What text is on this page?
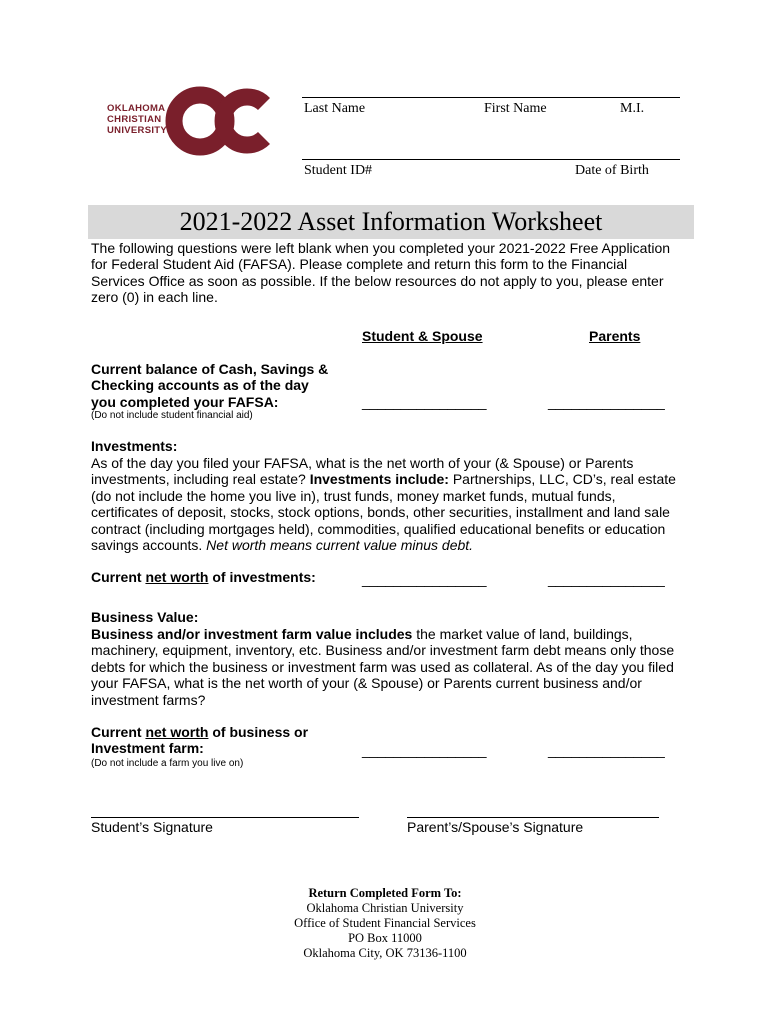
OKLAHOMA
CHRISTIAN
UNIVERSITY
Last Name	First Name	M.I.
Student ID#	Date of Birth
2021-2022 Asset Information Worksheet
The following questions were left blank when you completed your 2021-2022 Free Application for Federal Student Aid (FAFSA). Please complete and return this form to the Financial Services Office as soon as possible. If the below resources do not apply to you, please enter zero (0) in each line.
Student & Spouse	Parents
Current balance of Cash, Savings &
Checking accounts as of the day
you completed your FAFSA:
(Do not include student financial aid)
________________	_______________
Investments:
As of the day you filed your FAFSA, what is the net worth of your (& Spouse) or Parents investments, including real estate? Investments include: Partnerships, LLC, CD’s, real estate (do not include the home you live in), trust funds, money market funds, mutual funds, certificates of deposit, stocks, stock options, bonds, other securities, installment and land sale contract (including mortgages held), commodities, qualified educational benefits or education savings accounts. Net worth means current value minus debt.
Current net worth of investments:	________________	_______________
Business Value:
Business and/or investment farm value includes the market value of land, buildings, machinery, equipment, inventory, etc. Business and/or investment farm debt means only those debts for which the business or investment farm was used as collateral. As of the day you filed your FAFSA, what is the net worth of your (& Spouse) or Parents current business and/or investment farms?
Current net worth of business or
Investment farm:
(Do not include a farm you live on)
________________	_______________
Student’s Signature	Parent’s/Spouse’s Signature
Return Completed Form To:
Oklahoma Christian University
Office of Student Financial Services
PO Box 11000
Oklahoma City, OK 73136-1100
